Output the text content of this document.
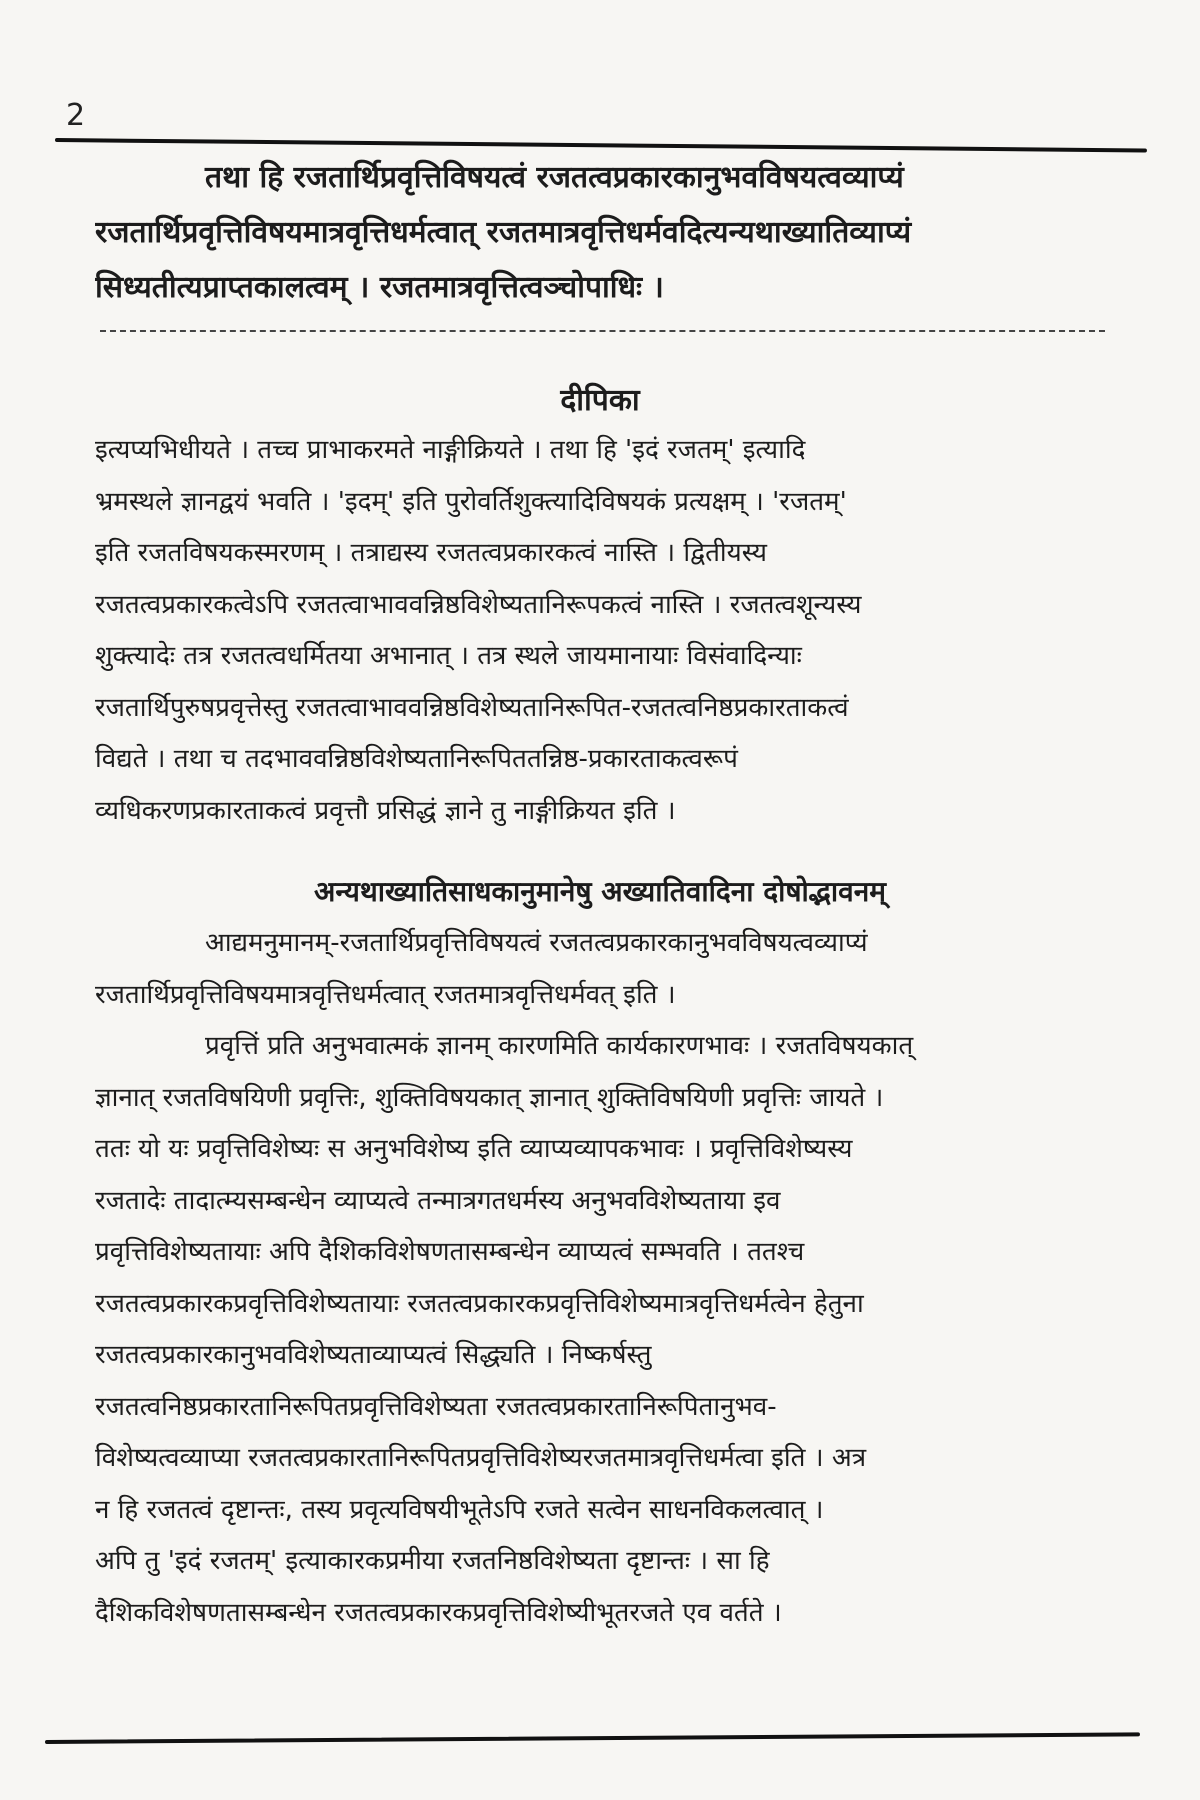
2
तथा हि रजतार्थिप्रवृत्तिविषयत्वं रजतत्वप्रकारकानुभवविषयत्वव्याप्यं
रजतार्थिप्रवृत्तिविषयमात्रवृत्तिधर्मत्वात् रजतमात्रवृत्तिधर्मवदित्यन्यथाख्यातिव्याप्यं
सिध्यतीत्यप्राप्तकालत्वम् । रजतमात्रवृत्तित्वञ्चोपाधिः ।
दीपिका
इत्यप्यभिधीयते । तच्च प्राभाकरमते नाङ्गीक्रियते । तथा हि 'इदं रजतम्' इत्यादि
भ्रमस्थले ज्ञानद्वयं भवति । 'इदम्' इति पुरोवर्तिशुक्त्यादिविषयकं प्रत्यक्षम् । 'रजतम्'
इति रजतविषयकस्मरणम् । तत्राद्यस्य रजतत्वप्रकारकत्वं नास्ति । द्वितीयस्य
रजतत्वप्रकारकत्वेऽपि रजतत्वाभाववन्निष्ठविशेष्यतानिरूपकत्वं नास्ति । रजतत्वशून्यस्य
शुक्त्यादेः तत्र रजतत्वधर्मितया अभानात् । तत्र स्थले जायमानायाः विसंवादिन्याः
रजतार्थिपुरुषप्रवृत्तेस्तु रजतत्वाभाववन्निष्ठविशेष्यतानिरूपित-रजतत्वनिष्ठप्रकारताकत्वं
विद्यते । तथा च तदभाववन्निष्ठविशेष्यतानिरूपिततन्निष्ठ-प्रकारताकत्वरूपं
व्यधिकरणप्रकारताकत्वं प्रवृत्तौ प्रसिद्धं ज्ञाने तु नाङ्गीक्रियत इति ।
अन्यथाख्यातिसाधकानुमानेषु अख्यातिवादिना दोषोद्भावनम्
आद्यमनुमानम्-रजतार्थिप्रवृत्तिविषयत्वं रजतत्वप्रकारकानुभवविषयत्वव्याप्यं
रजतार्थिप्रवृत्तिविषयमात्रवृत्तिधर्मत्वात् रजतमात्रवृत्तिधर्मवत् इति ।
प्रवृत्तिं प्रति अनुभवात्मकं ज्ञानम् कारणमिति कार्यकारणभावः । रजतविषयकात्
ज्ञानात् रजतविषयिणी प्रवृत्तिः, शुक्तिविषयकात् ज्ञानात् शुक्तिविषयिणी प्रवृत्तिः जायते ।
ततः यो यः प्रवृत्तिविशेष्यः स अनुभविशेष्य इति व्याप्यव्यापकभावः । प्रवृत्तिविशेष्यस्य
रजतादेः तादात्म्यसम्बन्धेन व्याप्यत्वे तन्मात्रगतधर्मस्य अनुभवविशेष्यताया इव
प्रवृत्तिविशेष्यतायाः अपि दैशिकविशेषणतासम्बन्धेन व्याप्यत्वं सम्भवति । ततश्च
रजतत्वप्रकारकप्रवृत्तिविशेष्यतायाः रजतत्वप्रकारकप्रवृत्तिविशेष्यमात्रवृत्तिधर्मत्वेन हेतुना
रजतत्वप्रकारकानुभवविशेष्यताव्याप्यत्वं सिद्ध्यति । निष्कर्षस्तु
रजतत्वनिष्ठप्रकारतानिरूपितप्रवृत्तिविशेष्यता रजतत्वप्रकारतानिरूपितानुभव-
विशेष्यत्वव्याप्या रजतत्वप्रकारतानिरूपितप्रवृत्तिविशेष्यरजतमात्रवृत्तिधर्मत्वा इति । अत्र
न हि रजतत्वं दृष्टान्तः, तस्य प्रवृत्यविषयीभूतेऽपि रजते सत्वेन साधनविकलत्वात् ।
अपि तु 'इदं रजतम्' इत्याकारकप्रमीया रजतनिष्ठविशेष्यता दृष्टान्तः । सा हि
दैशिकविशेषणतासम्बन्धेन रजतत्वप्रकारकप्रवृत्तिविशेष्यीभूतरजते एव वर्तते ।
